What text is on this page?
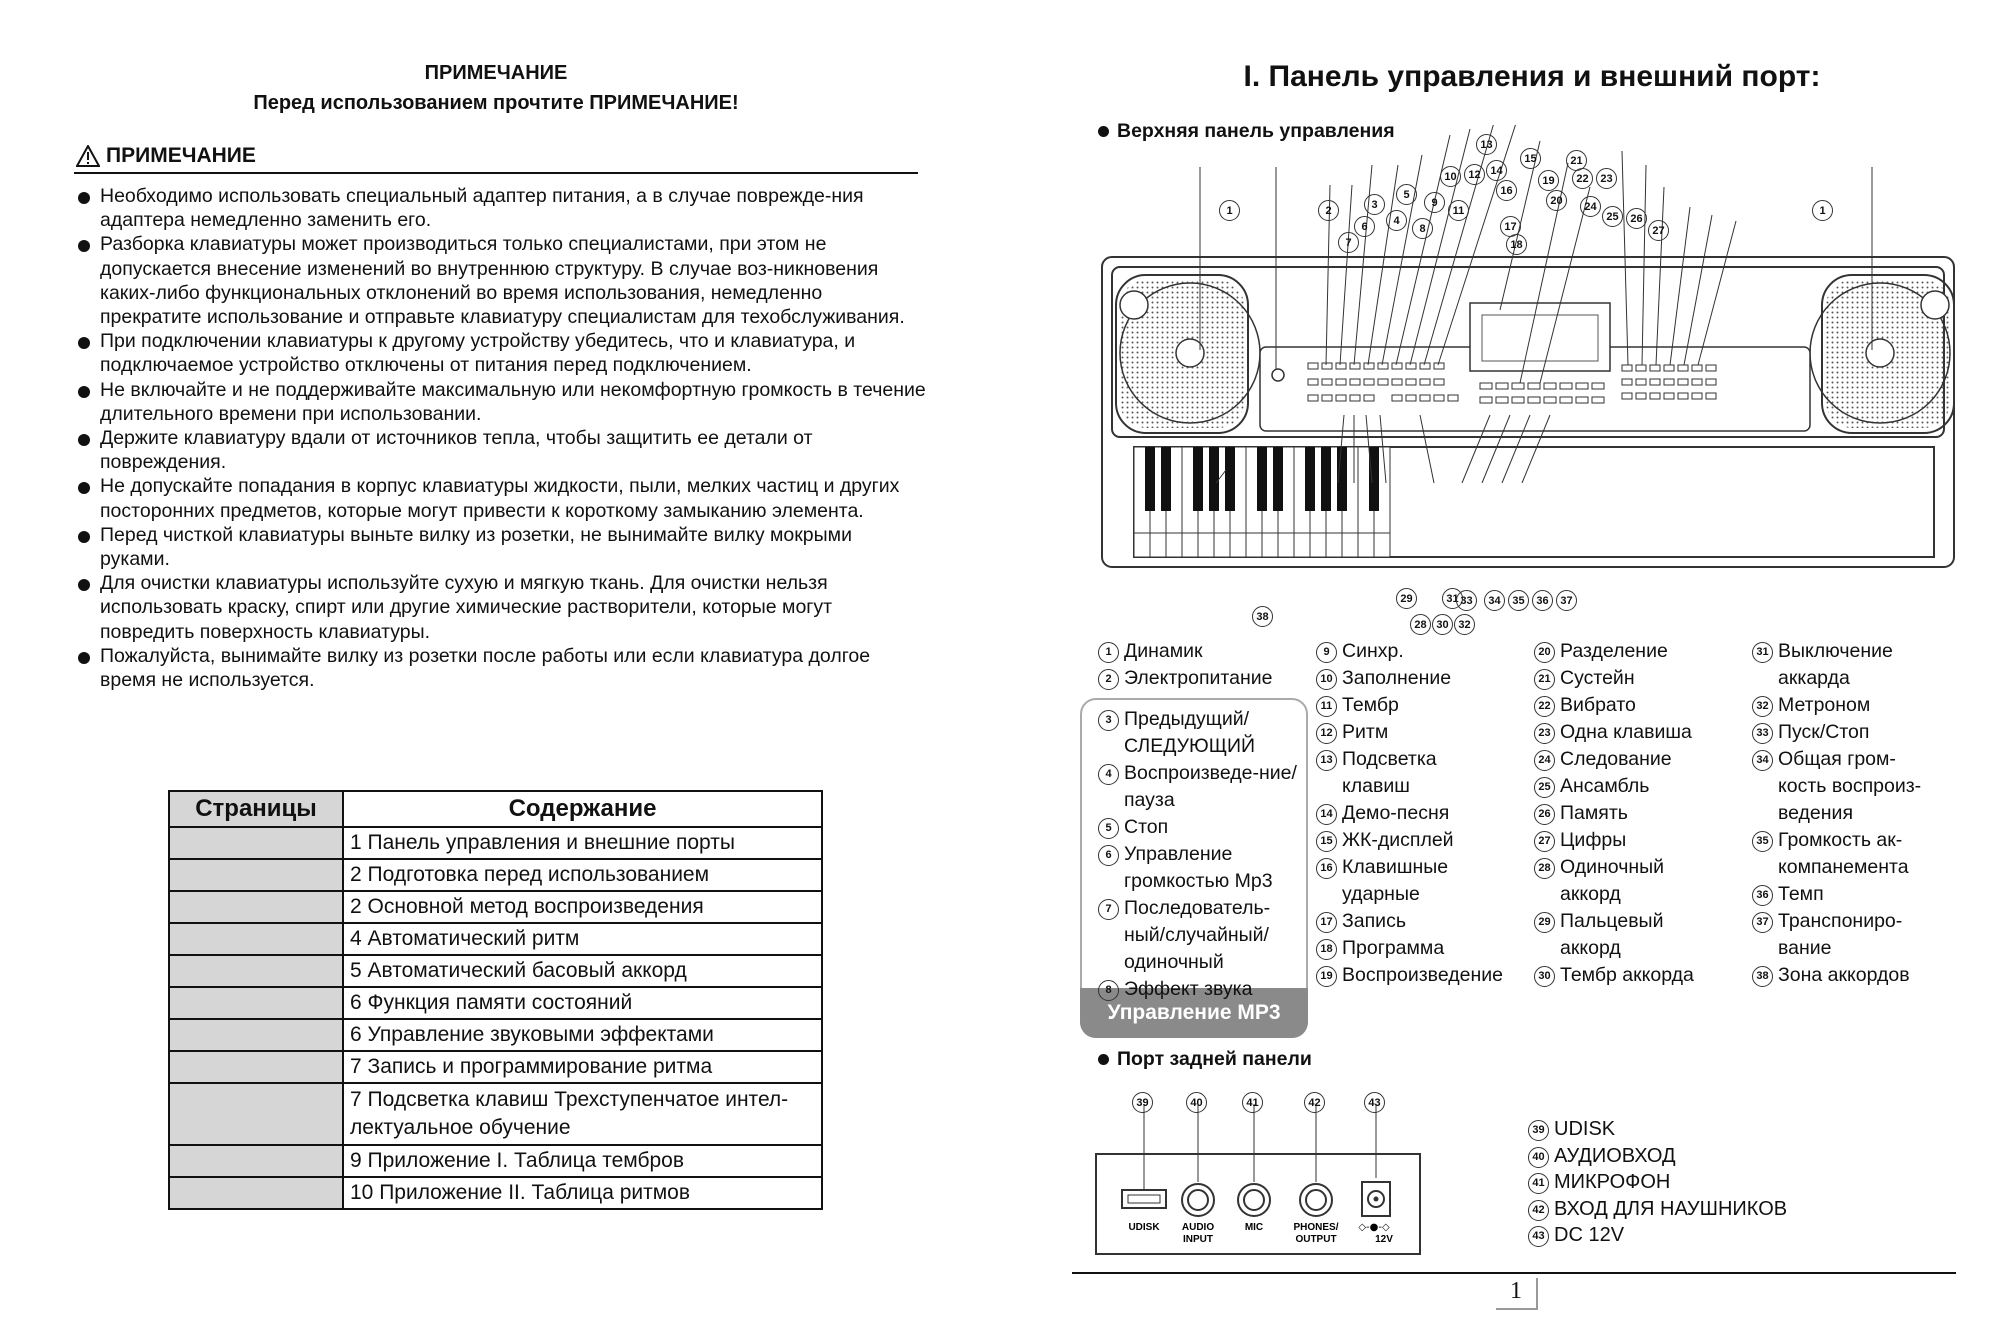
ПРИМЕЧАНИЕ
Перед использованием прочтите ПРИМЕЧАНИЕ!
ПРИМЕЧАНИЕ
Необходимо использовать специальный адаптер питания, а в случае поврежде-ния адаптера немедленно заменить его.
Разборка клавиатуры может производиться только специалистами, при этом не допускается внесение изменений во внутреннюю структуру. В случае воз-никновения каких-либо функциональных отклонений во время использования, немедленно прекратите использование и отправьте клавиатуру специалистам для техобслуживания.
При подключении клавиатуры к другому устройству убедитесь, что и клавиатура, и подключаемое устройство отключены от питания перед подключением.
Не включайте и не поддерживайте максимальную или некомфортную громкость в течение длительного времени при использовании.
Держите клавиатуру вдали от источников тепла, чтобы защитить ее детали от повреждения.
Не допускайте попадания в корпус клавиатуры жидкости, пыли, мелких частиц и других посторонних предметов, которые могут привести к короткому замыканию элемента.
Перед чисткой клавиатуры выньте вилку из розетки, не вынимайте вилку мокрыми руками.
Для очистки клавиатуры используйте сухую и мягкую ткань. Для очистки нельзя использовать краску, спирт или другие химические растворители, которые могут повредить поверхность клавиатуры.
Пожалуйста, вынимайте вилку из розетки после работы или если клавиатура долгое время не используется.
Страницы	Содержание
	1 Панель управления и внешние порты
	2 Подготовка перед использованием
	2 Основной метод воспроизведения
	4 Автоматический ритм
	5 Автоматический басовый аккорд
	6 Функция памяти состояний
	6 Управление звуковыми эффектами
	7 Запись и программирование ритма
	7 Подсветка клавиш Трехступенчатое интел-лектуальное обучение
	9 Приложение I. Таблица тембров
	10 Приложение II. Таблица ритмов
I. Панель управления и внешний порт:
Верхняя панель управления
1	2	3
4
5
6
7
8
9
10
11
12
13
14
15
16
17
18
19
20
21
22	23
24
25	26
27
1
28
29
30
31
32
33	34	35	36	37
38
Управление MP3
1 Динамик
2 Электропитание
3 Предыдущий/ СЛЕДУЮЩИЙ
4 Воспроизведе-ние/пауза
5 Стоп
6 Управление громкостью Mp3
7 Последователь-ный/случайный/ одиночный
8 Эффект звука
9 Синхр.
10 Заполнение
11 Тембр
12 Ритм
13 Подсветка клавиш
14 Демо-песня
15 ЖК-дисплей
16 Клавишные ударные
17 Запись
18 Программа
19 Воспроизведение
20 Разделение
21 Сустейн
22 Вибрато
23 Одна клавиша
24 Следование
25 Ансамбль
26 Память
27 Цифры
28 Одиночный аккорд
29 Пальцевый аккорд
30 Тембр аккорда
31 Выключение аккарда
32 Метроном
33 Пуск/Стоп
34 Общая гром-кость воспроиз-ведения
35 Громкость ак-компанемента
36 Темп
37 Транспониро-вание
38 Зона аккордов
Порт задней панели
UDISK AUDIO
INPUT
MIC	PHONES/
OUTPUT	12V
◇-●-◇
39	40	41	42	43
39 UDISK
40 АУДИОВХОД
41 МИКРОФОН
42 ВХОД ДЛЯ НАУШНИКОВ
43 DC 12V
1
